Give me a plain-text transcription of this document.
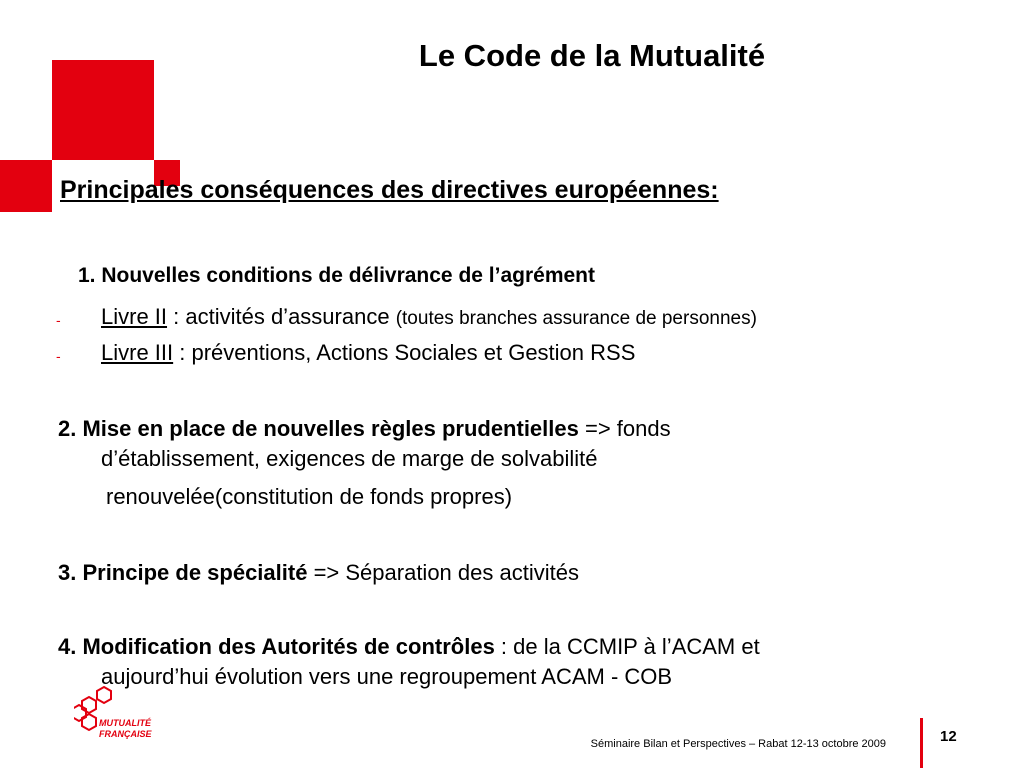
Le Code de la Mutualité
Principales conséquences des directives européennes:
1. Nouvelles conditions de délivrance de l’agrément
- Livre II : activités d’assurance (toutes branches assurance de personnes)
- Livre III : préventions, Actions Sociales et Gestion RSS
2. Mise en place de nouvelles règles prudentielles => fonds
d’établissement, exigences de marge de solvabilité
renouvelée(constitution de fonds propres)
3. Principe de spécialité => Séparation des activités
4. Modification des Autorités de contrôles : de la CCMIP à l’ACAM et
aujourd’hui évolution vers une regroupement ACAM - COB
MUTUALITÉ
FRANÇAISE
Séminaire Bilan et Perspectives – Rabat 12-13 octobre 2009	12
